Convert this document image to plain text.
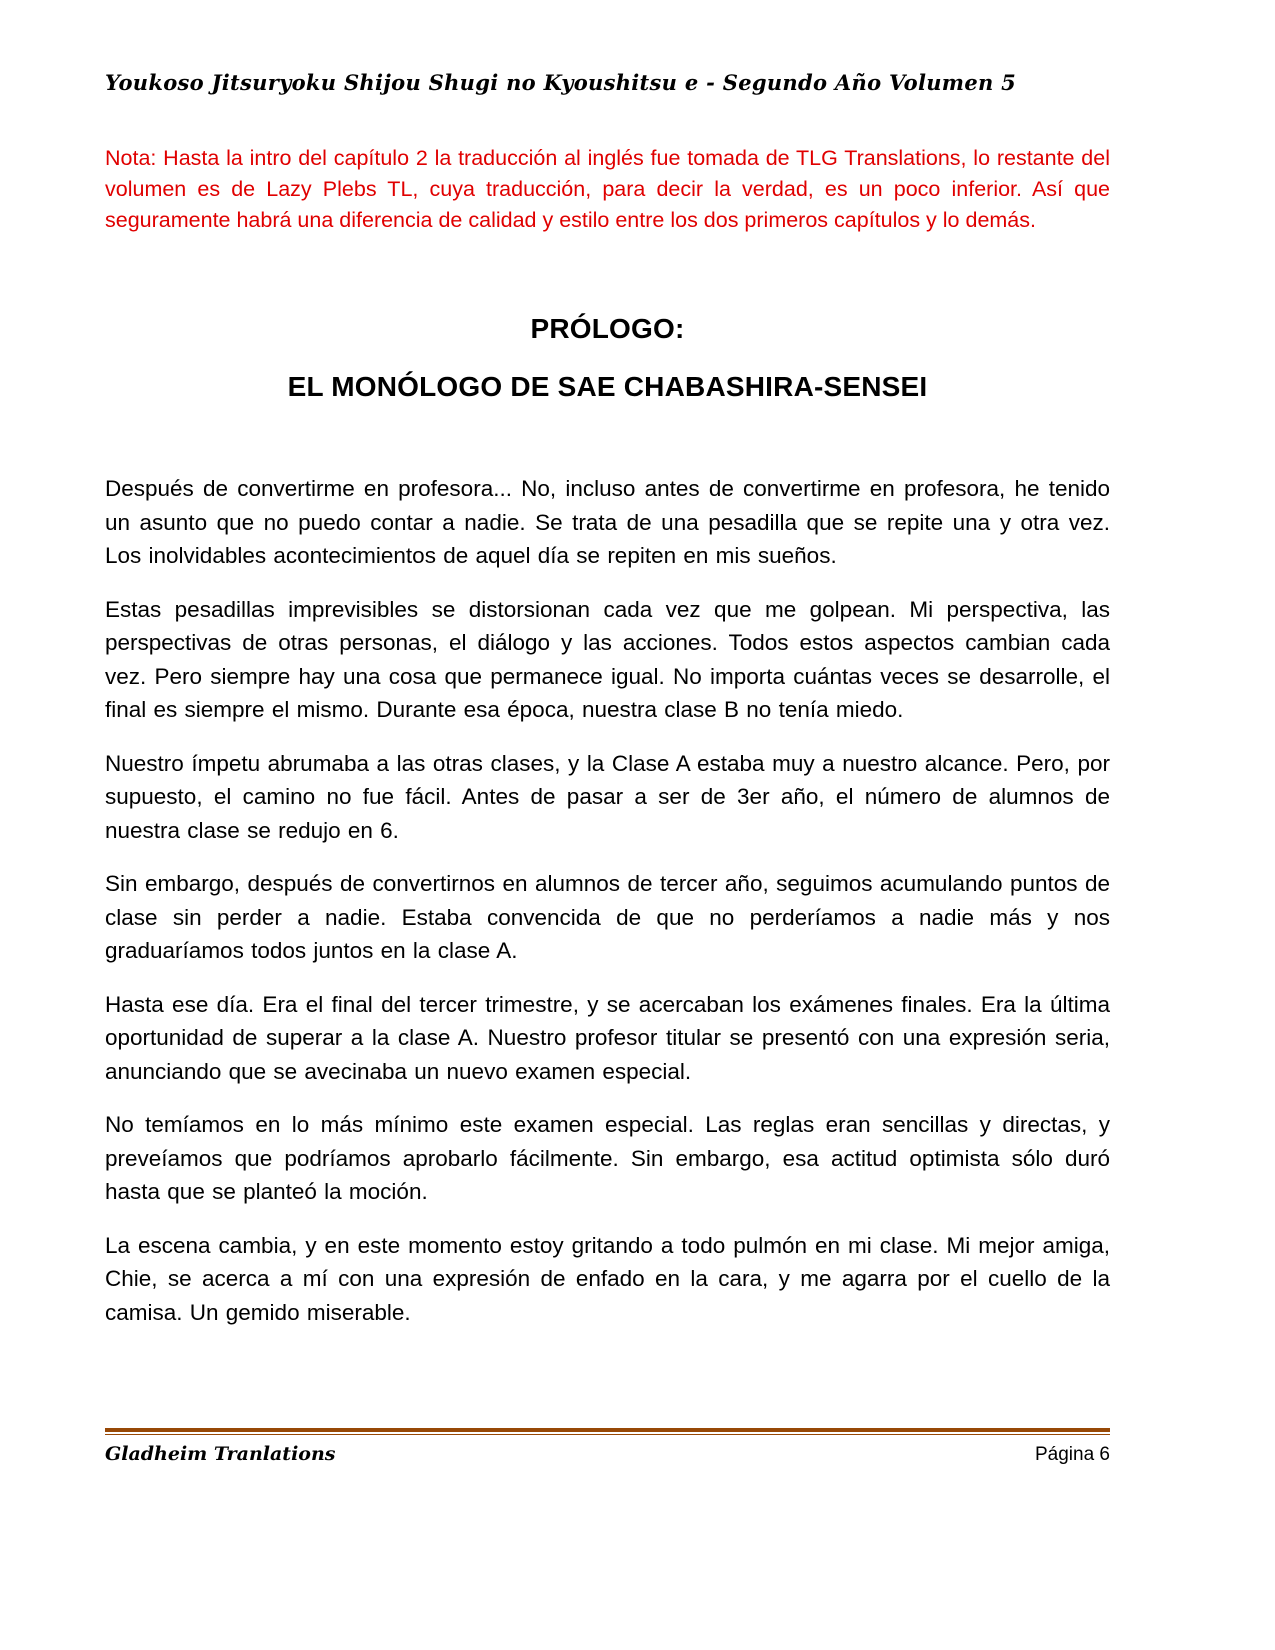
Youkoso Jitsuryoku Shijou Shugi no Kyoushitsu e - Segundo Año Volumen 5

Nota: Hasta la intro del capítulo 2 la traducción al inglés fue tomada de TLG Translations, lo restante del volumen es de Lazy Plebs TL, cuya traducción, para decir la verdad, es un poco inferior. Así que seguramente habrá una diferencia de calidad y estilo entre los dos primeros capítulos y lo demás.

PRÓLOGO:
EL MONÓLOGO DE SAE CHABASHIRA-SENSEI

Después de convertirme en profesora... No, incluso antes de convertirme en profesora, he tenido un asunto que no puedo contar a nadie. Se trata de una pesadilla que se repite una y otra vez. Los inolvidables acontecimientos de aquel día se repiten en mis sueños.

Estas pesadillas imprevisibles se distorsionan cada vez que me golpean. Mi perspectiva, las perspectivas de otras personas, el diálogo y las acciones. Todos estos aspectos cambian cada vez. Pero siempre hay una cosa que permanece igual. No importa cuántas veces se desarrolle, el final es siempre el mismo. Durante esa época, nuestra clase B no tenía miedo.

Nuestro ímpetu abrumaba a las otras clases, y la Clase A estaba muy a nuestro alcance. Pero, por supuesto, el camino no fue fácil. Antes de pasar a ser de 3er año, el número de alumnos de nuestra clase se redujo en 6.

Sin embargo, después de convertirnos en alumnos de tercer año, seguimos acumulando puntos de clase sin perder a nadie. Estaba convencida de que no perderíamos a nadie más y nos graduaríamos todos juntos en la clase A.

Hasta ese día. Era el final del tercer trimestre, y se acercaban los exámenes finales. Era la última oportunidad de superar a la clase A. Nuestro profesor titular se presentó con una expresión seria, anunciando que se avecinaba un nuevo examen especial.

No temíamos en lo más mínimo este examen especial. Las reglas eran sencillas y directas, y preveíamos que podríamos aprobarlo fácilmente. Sin embargo, esa actitud optimista sólo duró hasta que se planteó la moción.

La escena cambia, y en este momento estoy gritando a todo pulmón en mi clase. Mi mejor amiga, Chie, se acerca a mí con una expresión de enfado en la cara, y me agarra por el cuello de la camisa. Un gemido miserable.

Gladheim Tranlations	Página 6
